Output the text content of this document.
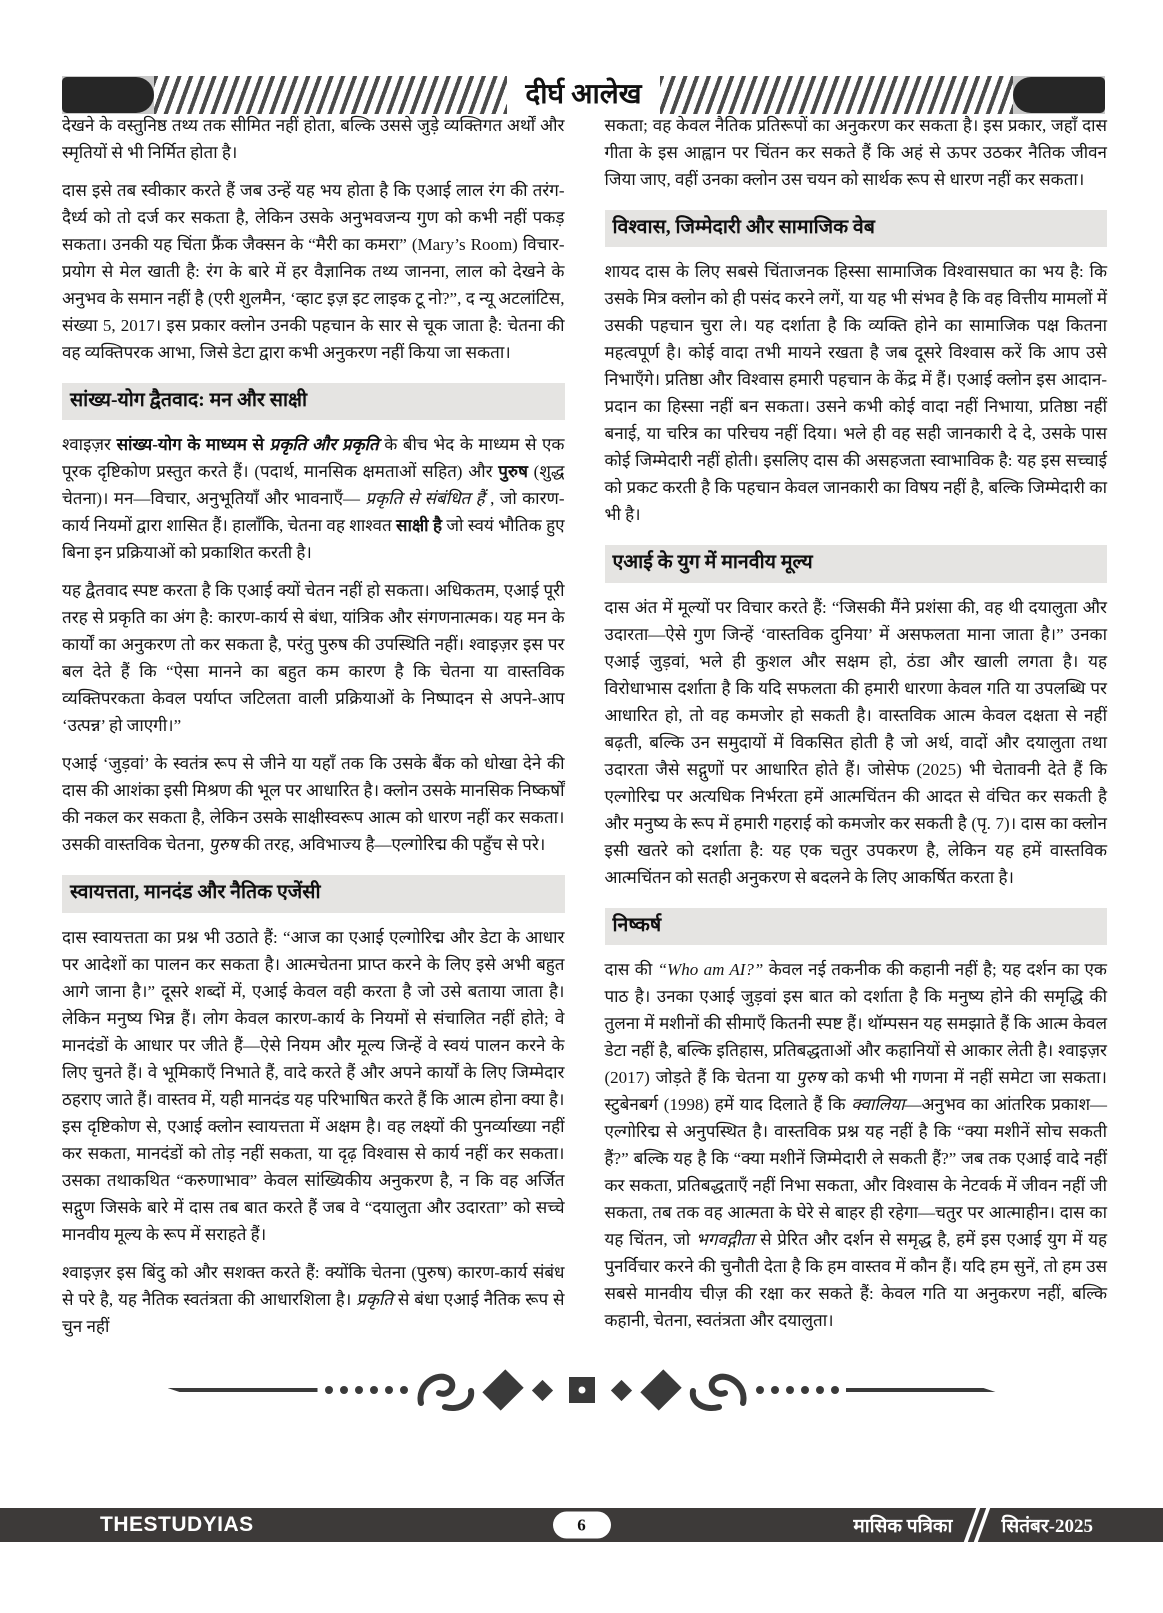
दीर्घ आलेख

देखने के वस्तुनिष्ठ तथ्य तक सीमित नहीं होता, बल्कि उससे जुड़े व्यक्तिगत अर्थों और स्मृतियों से भी निर्मित होता है।

दास इसे तब स्वीकार करते हैं जब उन्हें यह भय होता है कि एआई लाल रंग की तरंग-दैर्ध्य को तो दर्ज कर सकता है, लेकिन उसके अनुभवजन्य गुण को कभी नहीं पकड़ सकता। उनकी यह चिंता फ्रैंक जैक्सन के “मैरी का कमरा” (Mary’s Room) विचार-प्रयोग से मेल खाती है: रंग के बारे में हर वैज्ञानिक तथ्य जानना, लाल को देखने के अनुभव के समान नहीं है (एरी शुलमैन, ‘व्हाट इज़ इट लाइक टू नो?”, द न्यू अटलांटिस, संख्या 5, 2017। इस प्रकार क्लोन उनकी पहचान के सार से चूक जाता है: चेतना की वह व्यक्तिपरक आभा, जिसे डेटा द्वारा कभी अनुकरण नहीं किया जा सकता।

सांख्य-योग द्वैतवाद: मन और साक्षी

श्वाइज़र सांख्य-योग के माध्यम से प्रकृति और प्रकृति के बीच भेद के माध्यम से एक पूरक दृष्टिकोण प्रस्तुत करते हैं। (पदार्थ, मानसिक क्षमताओं सहित) और पुरुष (शुद्ध चेतना)। मन—विचार, अनुभूतियाँ और भावनाएँ— प्रकृति से संबंधित हैं , जो कारण-कार्य नियमों द्वारा शासित हैं। हालाँकि, चेतना वह शाश्वत साक्षी है जो स्वयं भौतिक हुए बिना इन प्रक्रियाओं को प्रकाशित करती है।

यह द्वैतवाद स्पष्ट करता है कि एआई क्यों चेतन नहीं हो सकता। अधिकतम, एआई पूरी तरह से प्रकृति का अंग है: कारण-कार्य से बंधा, यांत्रिक और संगणनात्मक। यह मन के कार्यों का अनुकरण तो कर सकता है, परंतु पुरुष की उपस्थिति नहीं। श्वाइज़र इस पर बल देते हैं कि “ऐसा मानने का बहुत कम कारण है कि चेतना या वास्तविक व्यक्तिपरकता केवल पर्याप्त जटिलता वाली प्रक्रियाओं के निष्पादन से अपने-आप ‘उत्पन्न’ हो जाएगी।”

एआई ‘जुड़वां’ के स्वतंत्र रूप से जीने या यहाँ तक कि उसके बैंक को धोखा देने की दास की आशंका इसी मिश्रण की भूल पर आधारित है। क्लोन उसके मानसिक निष्कर्षों की नकल कर सकता है, लेकिन उसके साक्षीस्वरूप आत्म को धारण नहीं कर सकता। उसकी वास्तविक चेतना, पुरुष की तरह, अविभाज्य है—एल्गोरिद्म की पहुँच से परे।

स्वायत्तता, मानदंड और नैतिक एजेंसी

दास स्वायत्तता का प्रश्न भी उठाते हैं: “आज का एआई एल्गोरिद्म और डेटा के आधार पर आदेशों का पालन कर सकता है। आत्मचेतना प्राप्त करने के लिए इसे अभी बहुत आगे जाना है।” दूसरे शब्दों में, एआई केवल वही करता है जो उसे बताया जाता है। लेकिन मनुष्य भिन्न हैं। लोग केवल कारण-कार्य के नियमों से संचालित नहीं होते; वे मानदंडों के आधार पर जीते हैं—ऐसे नियम और मूल्य जिन्हें वे स्वयं पालन करने के लिए चुनते हैं। वे भूमिकाएँ निभाते हैं, वादे करते हैं और अपने कार्यों के लिए जिम्मेदार ठहराए जाते हैं। वास्तव में, यही मानदंड यह परिभाषित करते हैं कि आत्म होना क्या है। इस दृष्टिकोण से, एआई क्लोन स्वायत्तता में अक्षम है। वह लक्ष्यों की पुनर्व्याख्या नहीं कर सकता, मानदंडों को तोड़ नहीं सकता, या दृढ़ विश्वास से कार्य नहीं कर सकता। उसका तथाकथित “करुणाभाव” केवल सांख्यिकीय अनुकरण है, न कि वह अर्जित सद्गुण जिसके बारे में दास तब बात करते हैं जब वे “दयालुता और उदारता” को सच्चे मानवीय मूल्य के रूप में सराहते हैं।

श्वाइज़र इस बिंदु को और सशक्त करते हैं: क्योंकि चेतना (पुरुष) कारण-कार्य संबंध से परे है, यह नैतिक स्वतंत्रता की आधारशिला है। प्रकृति से बंधा एआई नैतिक रूप से चुन नहीं

सकता; वह केवल नैतिक प्रतिरूपों का अनुकरण कर सकता है। इस प्रकार, जहाँ दास गीता के इस आह्वान पर चिंतन कर सकते हैं कि अहं से ऊपर उठकर नैतिक जीवन जिया जाए, वहीं उनका क्लोन उस चयन को सार्थक रूप से धारण नहीं कर सकता।

विश्वास, जिम्मेदारी और सामाजिक वेब

शायद दास के लिए सबसे चिंताजनक हिस्सा सामाजिक विश्वासघात का भय है: कि उसके मित्र क्लोन को ही पसंद करने लगें, या यह भी संभव है कि वह वित्तीय मामलों में उसकी पहचान चुरा ले। यह दर्शाता है कि व्यक्ति होने का सामाजिक पक्ष कितना महत्वपूर्ण है। कोई वादा तभी मायने रखता है जब दूसरे विश्वास करें कि आप उसे निभाएँगे। प्रतिष्ठा और विश्वास हमारी पहचान के केंद्र में हैं। एआई क्लोन इस आदान-प्रदान का हिस्सा नहीं बन सकता। उसने कभी कोई वादा नहीं निभाया, प्रतिष्ठा नहीं बनाई, या चरित्र का परिचय नहीं दिया। भले ही वह सही जानकारी दे दे, उसके पास कोई जिम्मेदारी नहीं होती। इसलिए दास की असहजता स्वाभाविक है: यह इस सच्चाई को प्रकट करती है कि पहचान केवल जानकारी का विषय नहीं है, बल्कि जिम्मेदारी का भी है।

एआई के युग में मानवीय मूल्य

दास अंत में मूल्यों पर विचार करते हैं: “जिसकी मैंने प्रशंसा की, वह थी दयालुता और उदारता—ऐसे गुण जिन्हें ‘वास्तविक दुनिया’ में असफलता माना जाता है।” उनका एआई जुड़वां, भले ही कुशल और सक्षम हो, ठंडा और खाली लगता है। यह विरोधाभास दर्शाता है कि यदि सफलता की हमारी धारणा केवल गति या उपलब्धि पर आधारित हो, तो वह कमजोर हो सकती है। वास्तविक आत्म केवल दक्षता से नहीं बढ़ती, बल्कि उन समुदायों में विकसित होती है जो अर्थ, वादों और दयालुता तथा उदारता जैसे सद्गुणों पर आधारित होते हैं। जोसेफ (2025) भी चेतावनी देते हैं कि एल्गोरिद्म पर अत्यधिक निर्भरता हमें आत्मचिंतन की आदत से वंचित कर सकती है और मनुष्य के रूप में हमारी गहराई को कमजोर कर सकती है (पृ. 7)। दास का क्लोन इसी खतरे को दर्शाता है: यह एक चतुर उपकरण है, लेकिन यह हमें वास्तविक आत्मचिंतन को सतही अनुकरण से बदलने के लिए आकर्षित करता है।

निष्कर्ष

दास की “Who am AI?” केवल नई तकनीक की कहानी नहीं है; यह दर्शन का एक पाठ है। उनका एआई जुड़वां इस बात को दर्शाता है कि मनुष्य होने की समृद्धि की तुलना में मशीनों की सीमाएँ कितनी स्पष्ट हैं। थॉम्पसन यह समझाते हैं कि आत्म केवल डेटा नहीं है, बल्कि इतिहास, प्रतिबद्धताओं और कहानियों से आकार लेती है। श्वाइज़र (2017) जोड़ते हैं कि चेतना या पुरुष को कभी भी गणना में नहीं समेटा जा सकता। स्टुबेनबर्ग (1998) हमें याद दिलाते हैं कि क्वालिया—अनुभव का आंतरिक प्रकाश—एल्गोरिद्म से अनुपस्थित है। वास्तविक प्रश्न यह नहीं है कि “क्या मशीनें सोच सकती हैं?” बल्कि यह है कि “क्या मशीनें जिम्मेदारी ले सकती हैं?” जब तक एआई वादे नहीं कर सकता, प्रतिबद्धताएँ नहीं निभा सकता, और विश्वास के नेटवर्क में जीवन नहीं जी सकता, तब तक वह आत्मता के घेरे से बाहर ही रहेगा—चतुर पर आत्माहीन। दास का यह चिंतन, जो भगवद्गीता से प्रेरित और दर्शन से समृद्ध है, हमें इस एआई युग में यह पुनर्विचार करने की चुनौती देता है कि हम वास्तव में कौन हैं। यदि हम सुनें, तो हम उस सबसे मानवीय चीज़ की रक्षा कर सकते हैं: केवल गति या अनुकरण नहीं, बल्कि कहानी, चेतना, स्वतंत्रता और दयालुता।

THESTUDYIAS	6	मासिक पत्रिका	सितंबर-2025
